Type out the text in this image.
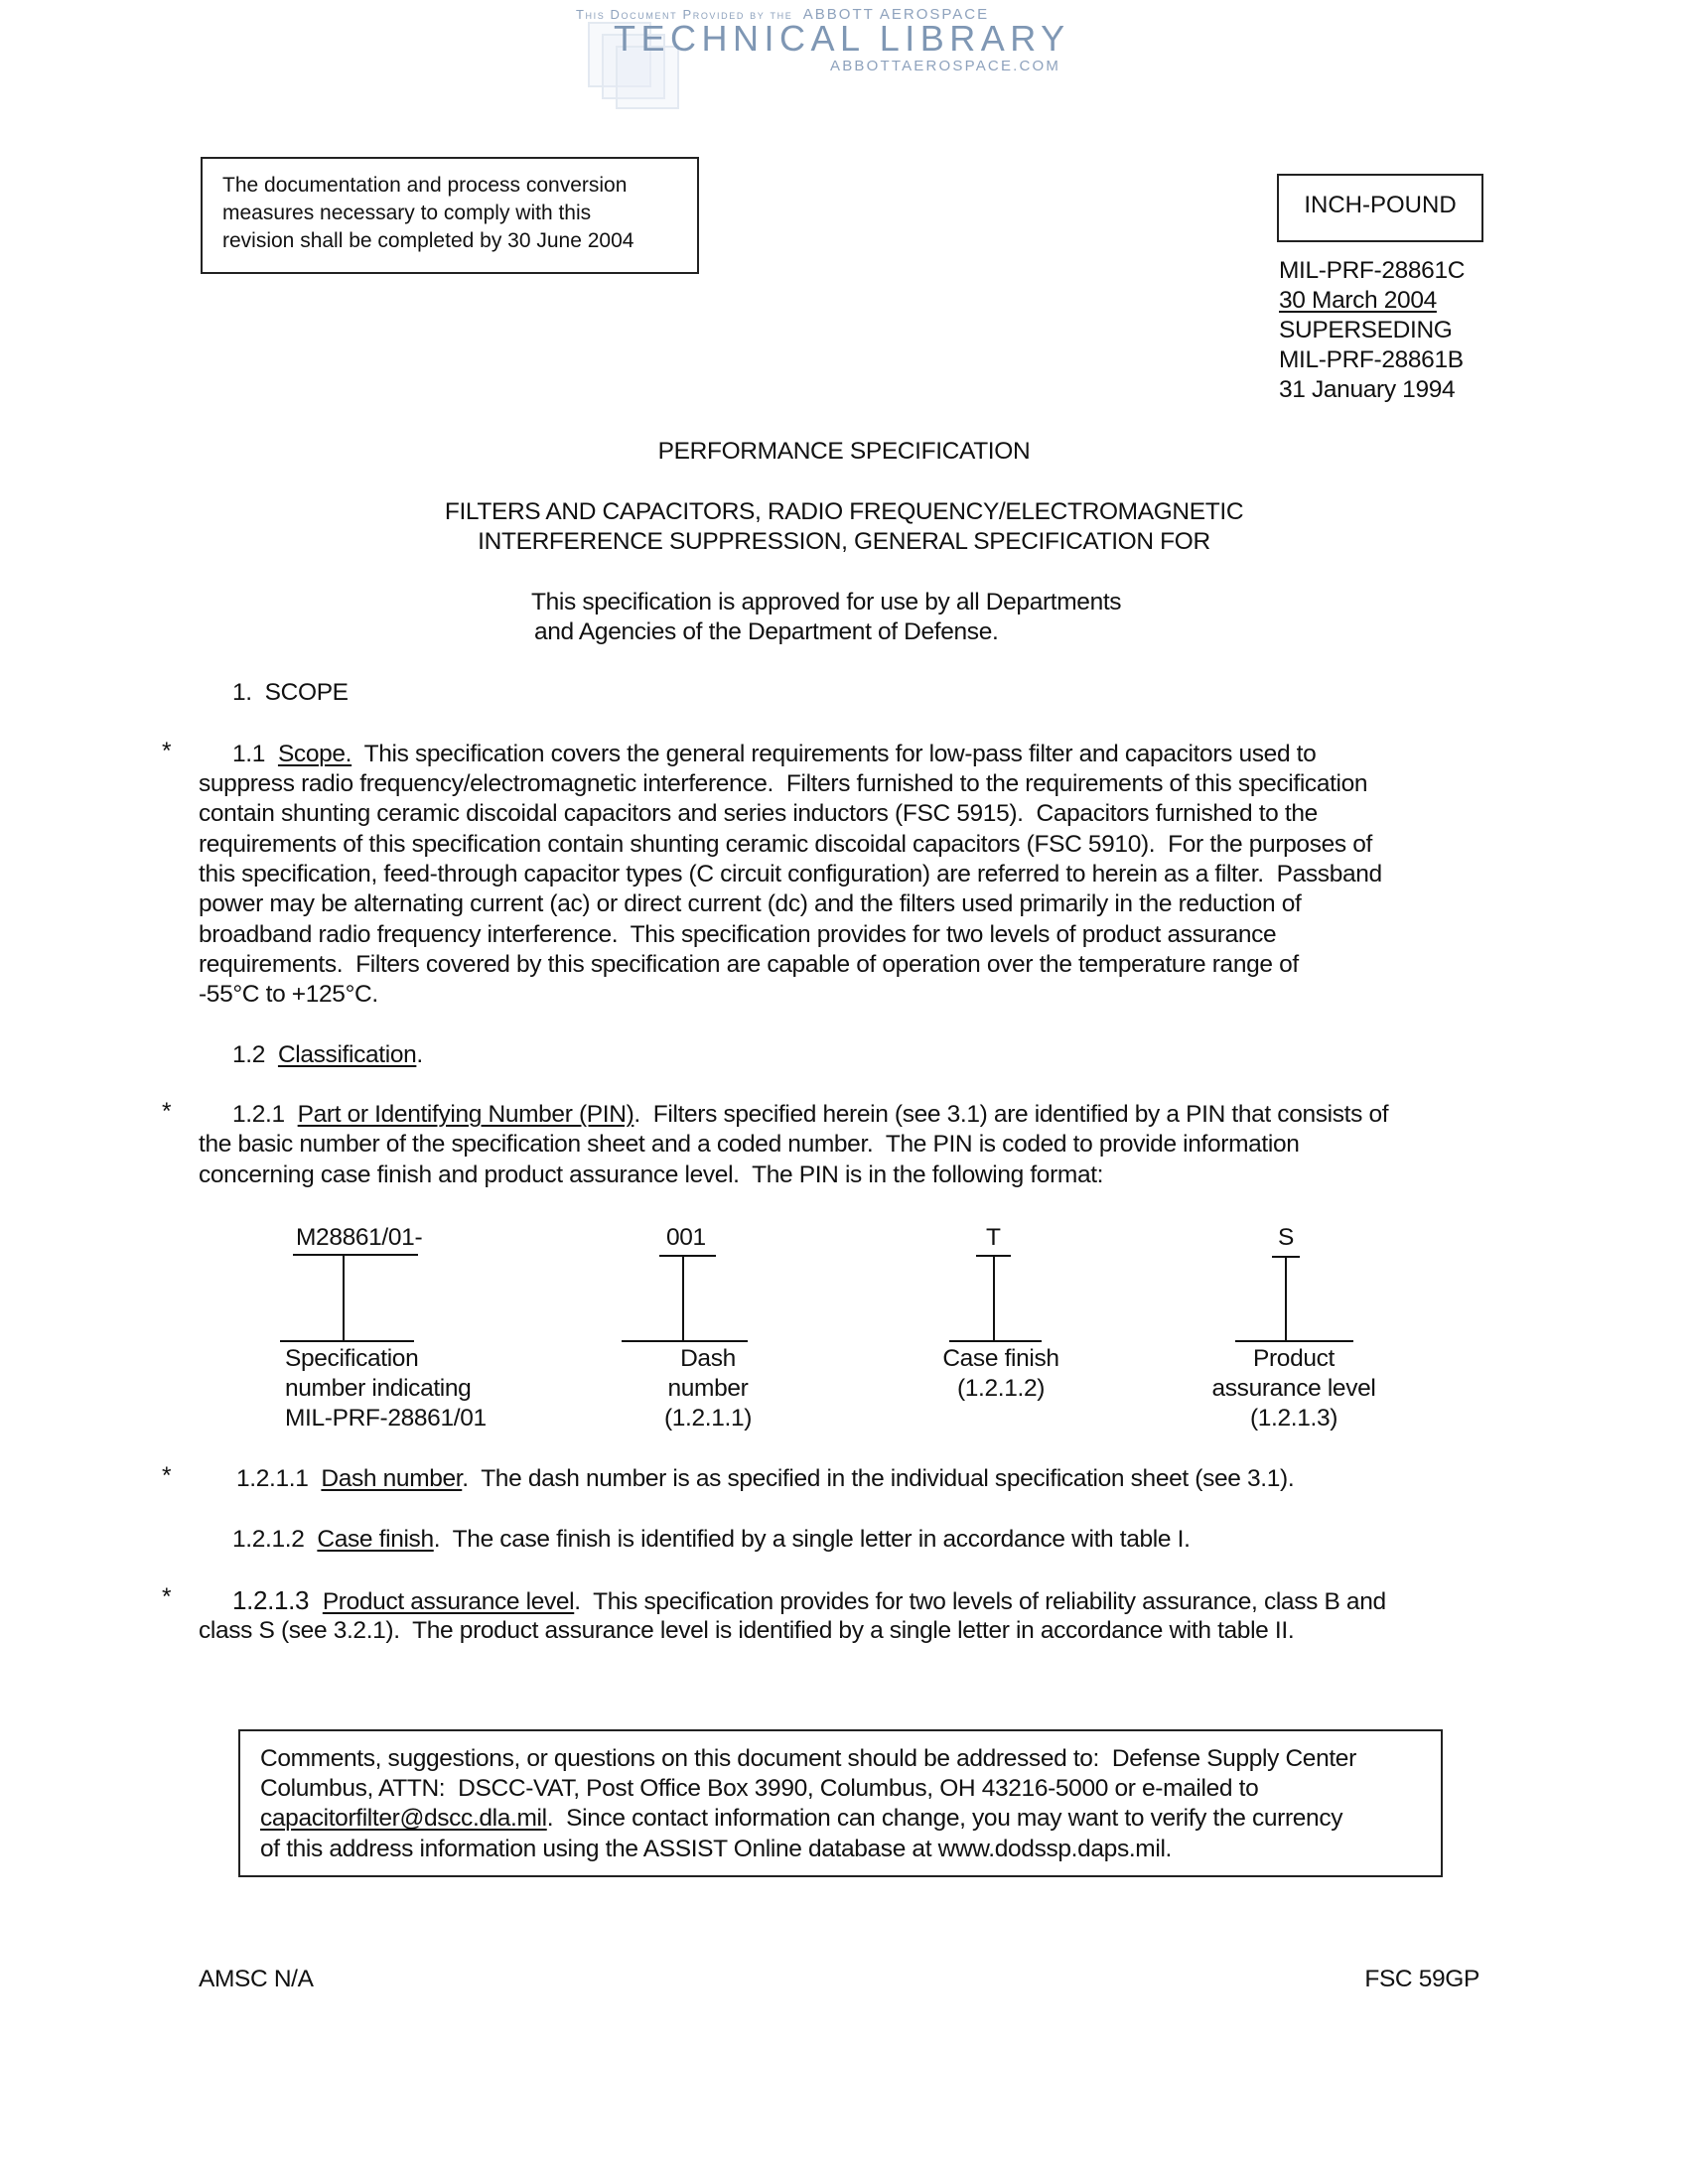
This Document Provided by the ABBOTT AEROSPACE
TECHNICAL LIBRARY
ABBOTTAEROSPACE.COM
The documentation and process conversion
measures necessary to comply with this
revision shall be completed by 30 June 2004
INCH-POUND
MIL-PRF-28861C
30 March 2004
SUPERSEDING
MIL-PRF-28861B
31 January 1994
PERFORMANCE SPECIFICATION
FILTERS AND CAPACITORS, RADIO FREQUENCY/ELECTROMAGNETIC
INTERFERENCE SUPPRESSION, GENERAL SPECIFICATION FOR
This specification is approved for use by all Departments
and Agencies of the Department of Defense.
1.  SCOPE
*	1.1  Scope.  This specification covers the general requirements for low-pass filter and capacitors used to
suppress radio frequency/electromagnetic interference.  Filters furnished to the requirements of this specification
contain shunting ceramic discoidal capacitors and series inductors (FSC 5915).  Capacitors furnished to the
requirements of this specification contain shunting ceramic discoidal capacitors (FSC 5910).  For the purposes of
this specification, feed-through capacitor types (C circuit configuration) are referred to herein as a filter.  Passband
power may be alternating current (ac) or direct current (dc) and the filters used primarily in the reduction of
broadband radio frequency interference.  This specification provides for two levels of product assurance
requirements.  Filters covered by this specification are capable of operation over the temperature range of
-55°C to +125°C.
1.2  Classification.
*	1.2.1  Part or Identifying Number (PIN).  Filters specified herein (see 3.1) are identified by a PIN that consists of
the basic number of the specification sheet and a coded number.  The PIN is coded to provide information
concerning case finish and product assurance level.  The PIN is in the following format:
M28861/01-
Specification
number indicating
MIL-PRF-28861/01
001
Dash
number
(1.2.1.1)
T
Case finish
(1.2.1.2)
S
Product
assurance level
(1.2.1.3)
*	1.2.1.1  Dash number.  The dash number is as specified in the individual specification sheet (see 3.1).
1.2.1.2  Case finish.  The case finish is identified by a single letter in accordance with table I.
* 1.2.1.3  Product assurance level.  This specification provides for two levels of reliability assurance, class B and
class S (see 3.2.1).  The product assurance level is identified by a single letter in accordance with table II.
Comments, suggestions, or questions on this document should be addressed to:  Defense Supply Center
Columbus, ATTN:  DSCC-VAT, Post Office Box 3990, Columbus, OH 43216-5000 or e-mailed to
capacitorfilter@dscc.dla.mil.  Since contact information can change, you may want to verify the currency
of this address information using the ASSIST Online database at www.dodssp.daps.mil.
AMSC N/A	FSC 59GP
